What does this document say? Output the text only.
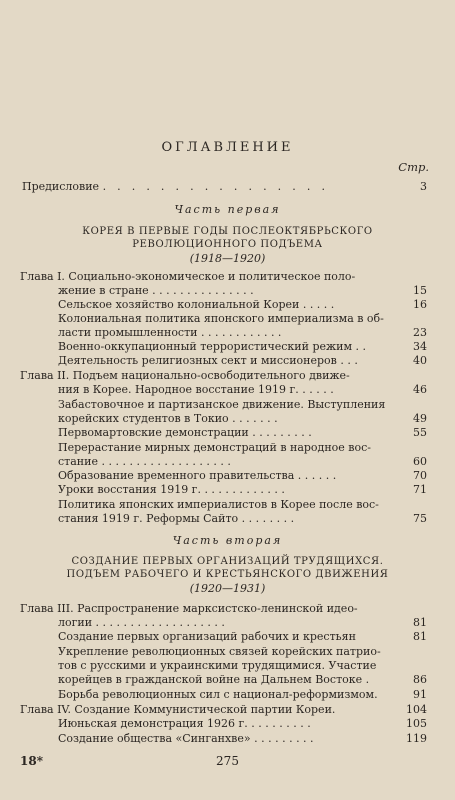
ОГЛАВЛЕНИЕ
Стр.
Предисловие . . . . . . . . . . . . . . . .	3
Часть первая
КОРЕЯ В ПЕРВЫЕ ГОДЫ ПОСЛЕОКТЯБРЬСКОГО
РЕВОЛЮЦИОННОГО ПОДЪЕМА
(1918—1920)
Глава I. Социально-экономическое и политическое поло-
жение в стране . . . . . . . . . . . . . . .	15
Сельское хозяйство колониальной Кореи . . . . .	16
Колониальная политика японского империализма в об-
ласти промышленности . . . . . . . . . . . .	23
Военно-оккупационный террористический режим . .	34
Деятельность религиозных сект и миссионеров . . .	40
Глава II. Подъем национально-освободительного движе-
ния в Корее. Народное восстание 1919 г. . . . . .	46
Забастовочное и партизанское движение. Выступления
корейских студентов в Токио . . . . . . .	49
Первомартовские демонстрации . . . . . . . . .	55
Перерастание мирных демонстраций в народное вос-
стание . . . . . . . . . . . . . . . . . . .	60
Образование временного правительства . . . . . .	70
Уроки восстания 1919 г. . . . . . . . . . . . .	71
Политика японских империалистов в Корее после вос-
стания 1919 г. Реформы Сайто . . . . . . . .	75
Часть вторая
СОЗДАНИЕ ПЕРВЫХ ОРГАНИЗАЦИЙ ТРУДЯЩИХСЯ.
ПОДЪЕМ РАБОЧЕГО И КРЕСТЬЯНСКОГО ДВИЖЕНИЯ
(1920—1931)
Глава III. Распространение марксистско-ленинской идео-
логии . . . . . . . . . . . . . . . . . . .	81
Создание первых организаций рабочих и крестьян	81
Укрепление революционных связей корейских патрио-
тов с русскими и украинскими трудящимися. Участие
корейцев в гражданской войне на Дальнем Востоке .	86
Борьба революционных сил с национал-реформизмом.	91
Глава IV. Создание Коммунистической партии Кореи.	104
Июньская демонстрация 1926 г. . . . . . . . . .	105
Создание общества «Синганхве» . . . . . . . . .	119
18*	275
